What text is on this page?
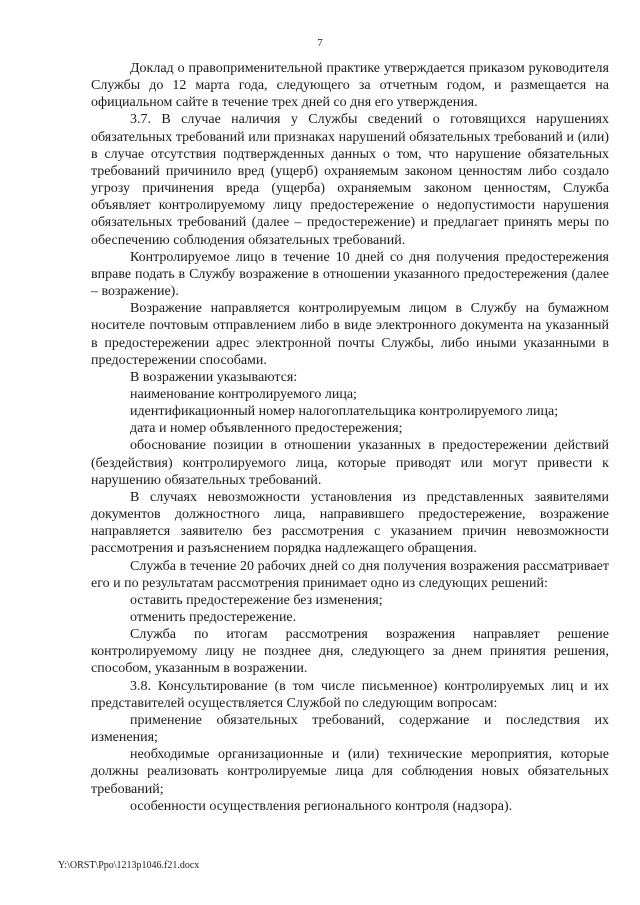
7

Доклад о правоприменительной практике утверждается приказом руководителя Службы до 12 марта года, следующего за отчетным годом, и размещается на официальном сайте в течение трех дней со дня его утверждения.

3.7. В случае наличия у Службы сведений о готовящихся нарушениях обязательных требований или признаках нарушений обязательных требований и (или) в случае отсутствия подтвержденных данных о том, что нарушение обязательных требований причинило вред (ущерб) охраняемым законом ценностям либо создало угрозу причинения вреда (ущерба) охраняемым законом ценностям, Служба объявляет контролируемому лицу предостережение о недопустимости нарушения обязательных требований (далее – предостережение) и предлагает принять меры по обеспечению соблюдения обязательных требований.

Контролируемое лицо в течение 10 дней со дня получения предостережения вправе подать в Службу возражение в отношении указанного предостережения (далее – возражение).

Возражение направляется контролируемым лицом в Службу на бумажном носителе почтовым отправлением либо в виде электронного документа на указанный в предостережении адрес электронной почты Службы, либо иными указанными в предостережении способами.

В возражении указываются:

наименование контролируемого лица;

идентификационный номер налогоплательщика контролируемого лица;

дата и номер объявленного предостережения;

обоснование позиции в отношении указанных в предостережении действий (бездействия) контролируемого лица, которые приводят или могут привести к нарушению обязательных требований.

В случаях невозможности установления из представленных заявителями документов должностного лица, направившего предостережение, возражение направляется заявителю без рассмотрения с указанием причин невозможности рассмотрения и разъяснением порядка надлежащего обращения.

Служба в течение 20 рабочих дней со дня получения возражения рассматривает его и по результатам рассмотрения принимает одно из следующих решений:

оставить предостережение без изменения;

отменить предостережение.

Служба по итогам рассмотрения возражения направляет решение контролируемому лицу не позднее дня, следующего за днем принятия решения, способом, указанным в возражении.

3.8. Консультирование (в том числе письменное) контролируемых лиц и их представителей осуществляется Службой по следующим вопросам:

применение обязательных требований, содержание и последствия их изменения;

необходимые организационные и (или) технические мероприятия, которые должны реализовать контролируемые лица для соблюдения новых обязательных требований;

особенности осуществления регионального контроля (надзора).

Y:\ORST\Ppo\1213p1046.f21.docx
